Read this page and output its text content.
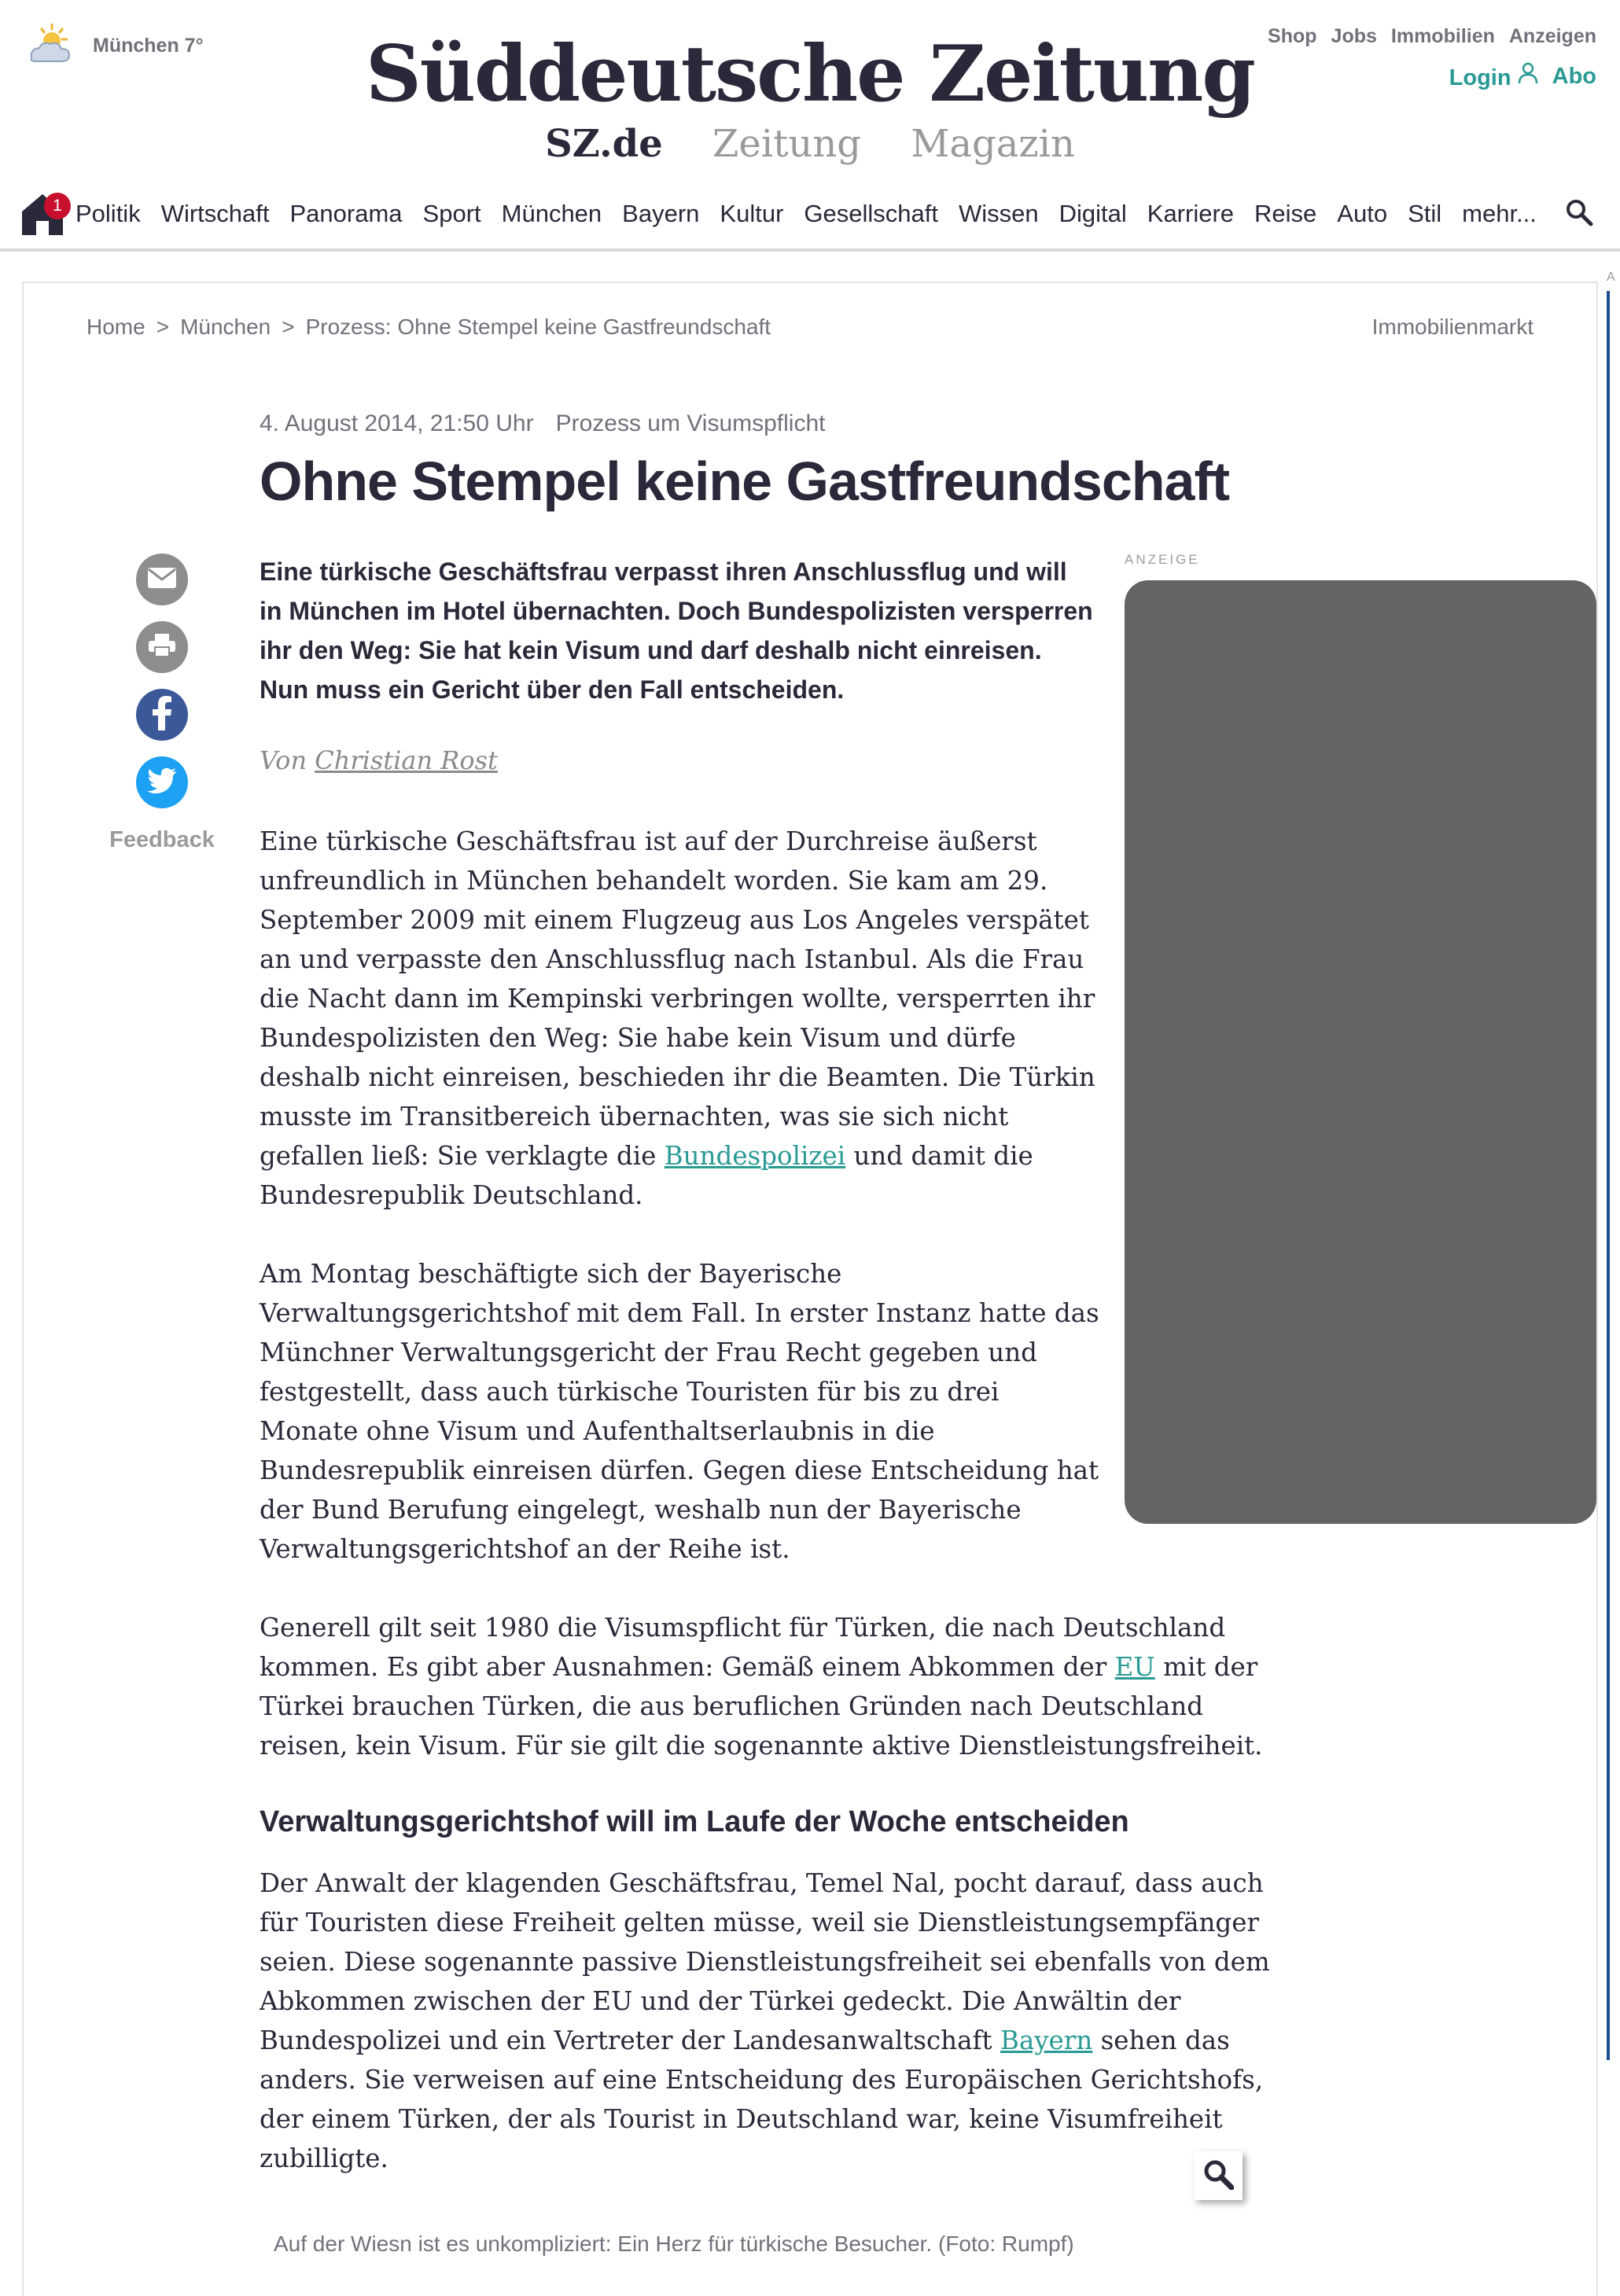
München 7°	Süddeutsche Zeitung
SZ.de Zeitung Magazin
Shop Jobs Immobilien Anzeigen
Login	Abo
1 Politik Wirtschaft Panorama Sport München Bayern Kultur Gesellschaft Wissen Digital Karriere Reise Auto Stil mehr...
A
Home > München > Prozess: Ohne Stempel keine Gastfreundschaft	Immobilienmarkt
4. August 2014, 21:50 Uhr Prozess um Visumspflicht
Ohne Stempel keine Gastfreundschaft
Feedback

Eine türkische Geschäftsfrau verpasst ihren Anschlussflug und will in München im Hotel übernachten. Doch Bundespolizisten versperren ihr den Weg: Sie hat kein Visum und darf deshalb nicht einreisen. Nun muss ein Gericht über den Fall entscheiden.

Von Christian Rost

Eine türkische Geschäftsfrau ist auf der Durchreise äußerst unfreundlich in München behandelt worden. Sie kam am 29. September 2009 mit einem Flugzeug aus Los Angeles verspätet an und verpasste den Anschlussflug nach Istanbul. Als die Frau die Nacht dann im Kempinski verbringen wollte, versperrten ihr Bundespolizisten den Weg: Sie habe kein Visum und dürfe deshalb nicht einreisen, beschieden ihr die Beamten. Die Türkin musste im Transitbereich übernachten, was sie sich nicht gefallen ließ: Sie verklagte die Bundespolizei und damit die Bundesrepublik Deutschland.

Am Montag beschäftigte sich der Bayerische Verwaltungsgerichtshof mit dem Fall. In erster Instanz hatte das Münchner Verwaltungsgericht der Frau Recht gegeben und festgestellt, dass auch türkische Touristen für bis zu drei Monate ohne Visum und Aufenthaltserlaubnis in die Bundesrepublik einreisen dürfen. Gegen diese Entscheidung hat der Bund Berufung eingelegt, weshalb nun der Bayerische Verwaltungsgerichtshof an der Reihe ist.

Generell gilt seit 1980 die Visumspflicht für Türken, die nach Deutschland kommen. Es gibt aber Ausnahmen: Gemäß einem Abkommen der EU mit der Türkei brauchen Türken, die aus beruflichen Gründen nach Deutschland reisen, kein Visum. Für sie gilt die sogenannte aktive Dienstleistungsfreiheit.

Verwaltungsgerichtshof will im Laufe der Woche entscheiden

Der Anwalt der klagenden Geschäftsfrau, Temel Nal, pocht darauf, dass auch für Touristen diese Freiheit gelten müsse, weil sie Dienstleistungsempfänger seien. Diese sogenannte passive Dienstleistungsfreiheit sei ebenfalls von dem Abkommen zwischen der EU und der Türkei gedeckt. Die Anwältin der Bundespolizei und ein Vertreter der Landesanwaltschaft Bayern sehen das anders. Sie verweisen auf eine Entscheidung des Europäischen Gerichtshofs, der einem Türken, der als Tourist in Deutschland war, keine Visumfreiheit zubilligte.

ANZEIGE
Auf der Wiesn ist es unkompliziert: Ein Herz für türkische Besucher. (Foto: Rumpf)
